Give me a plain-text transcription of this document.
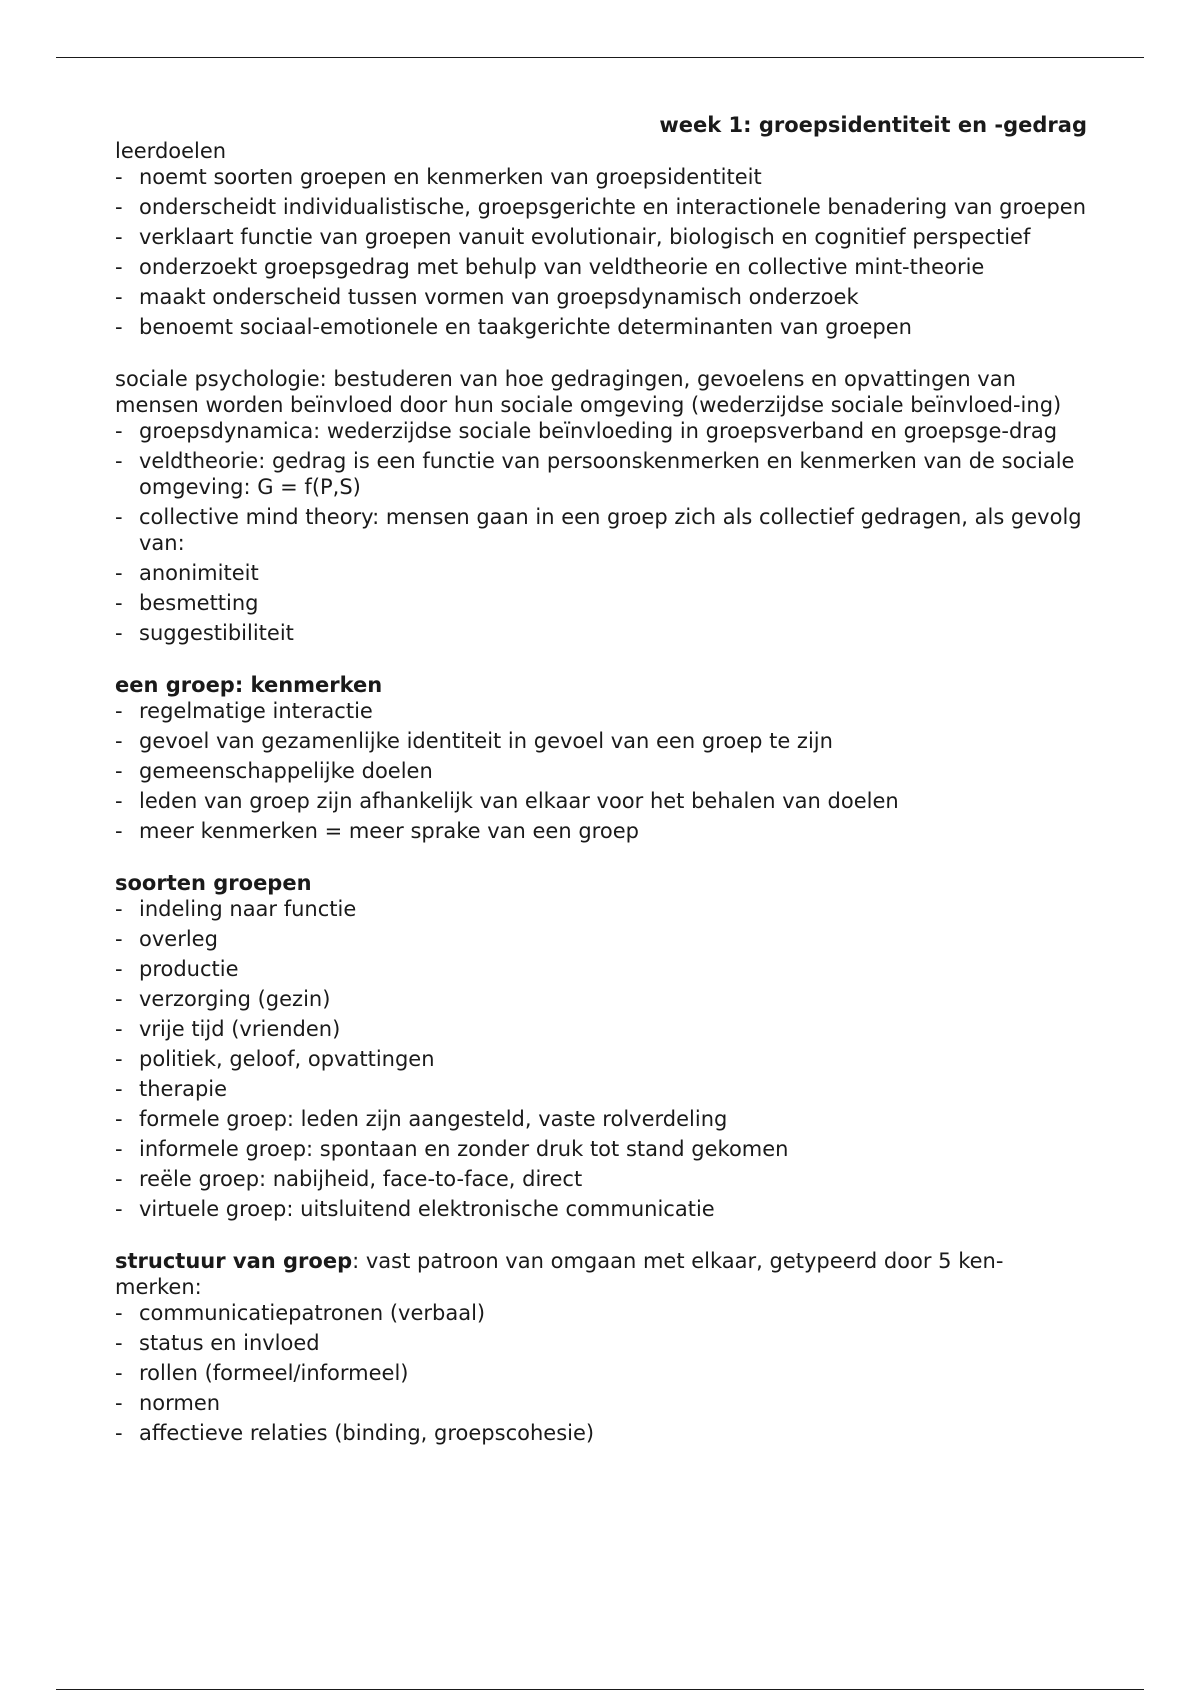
week 1: groepsidentiteit en -gedrag

leerdoelen

- noemt soorten groepen en kenmerken van groepsidentiteit
- onderscheidt individualistische, groepsgerichte en interactionele benadering van groepen
- verklaart functie van groepen vanuit evolutionair, biologisch en cognitief perspectief
- onderzoekt groepsgedrag met behulp van veldtheorie en collective mint-theorie
- maakt onderscheid tussen vormen van groepsdynamisch onderzoek
- benoemt sociaal-emotionele en taakgerichte determinanten van groepen

sociale psychologie: bestuderen van hoe gedragingen, gevoelens en opvattingen van mensen worden beïnvloed door hun sociale omgeving (wederzijdse sociale beïnvloed-ing)

- groepsdynamica: wederzijdse sociale beïnvloeding in groepsverband en groepsge-drag
- veldtheorie: gedrag is een functie van persoonskenmerken en kenmerken van de sociale omgeving: G = f(P,S)
- collective mind theory: mensen gaan in een groep zich als collectief gedragen, als gevolg van:
- anonimiteit
- besmetting
- suggestibiliteit

een groep: kenmerken

- regelmatige interactie
- gevoel van gezamenlijke identiteit in gevoel van een groep te zijn
- gemeenschappelijke doelen
- leden van groep zijn afhankelijk van elkaar voor het behalen van doelen
- meer kenmerken = meer sprake van een groep

soorten groepen

- indeling naar functie
- overleg
- productie
- verzorging (gezin)
- vrije tijd (vrienden)
- politiek, geloof, opvattingen
- therapie
- formele groep: leden zijn aangesteld, vaste rolverdeling
- informele groep: spontaan en zonder druk tot stand gekomen
- reële groep: nabijheid, face-to-face, direct
- virtuele groep: uitsluitend elektronische communicatie

structuur van groep: vast patroon van omgaan met elkaar, getypeerd door 5 ken-merken:

- communicatiepatronen (verbaal)
- status en invloed
- rollen (formeel/informeel)
- normen
- affectieve relaties (binding, groepscohesie)
